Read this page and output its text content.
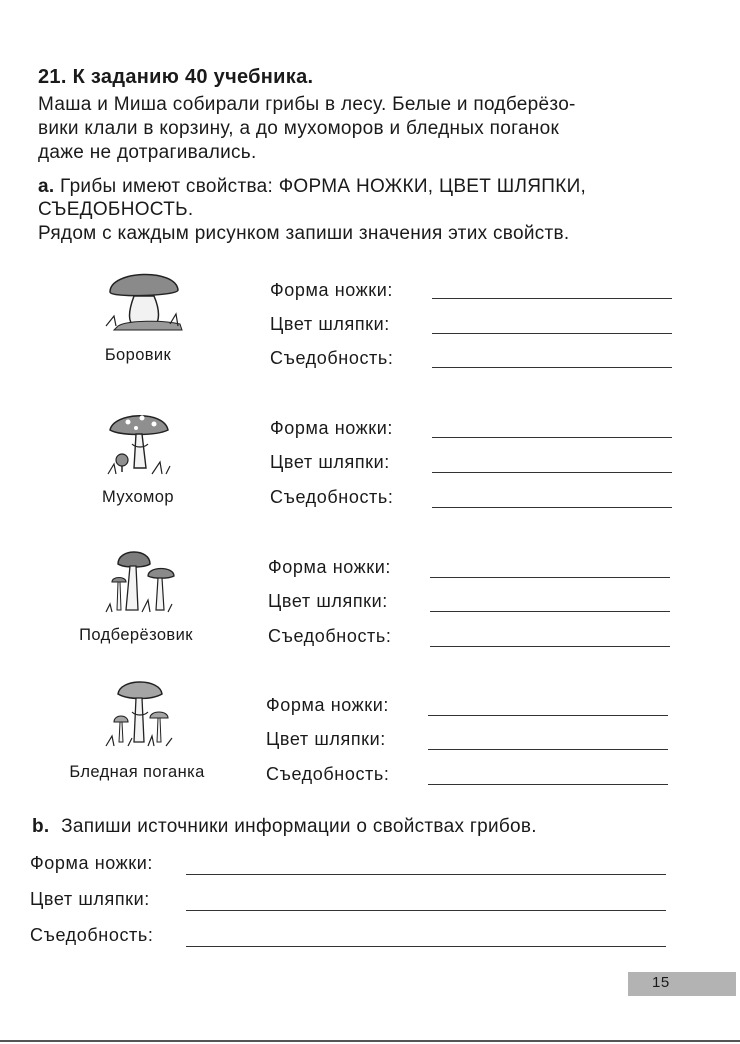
21. К заданию 40 учебника.
Маша и Миша собирали грибы в лесу. Белые и подберёзо-
вики клали в корзину, а до мухоморов и бледных поганок
даже не дотрагивались.
a. Грибы имеют свойства: ФОРМА НОЖКИ, ЦВЕТ ШЛЯПКИ,
СЪЕДОБНОСТЬ.
Рядом с каждым рисунком запиши значения этих свойств.
Боровик
Форма ножки:
Цвет шляпки:
Съедобность:
Мухомор
Форма ножки:
Цвет шляпки:
Съедобность:
Подберёзовик
Форма ножки:
Цвет шляпки:
Съедобность:
Бледная поганка
Форма ножки:
Цвет шляпки:
Съедобность:
b. Запиши источники информации о свойствах грибов.
Форма ножки:
Цвет шляпки:
Съедобность:
15
